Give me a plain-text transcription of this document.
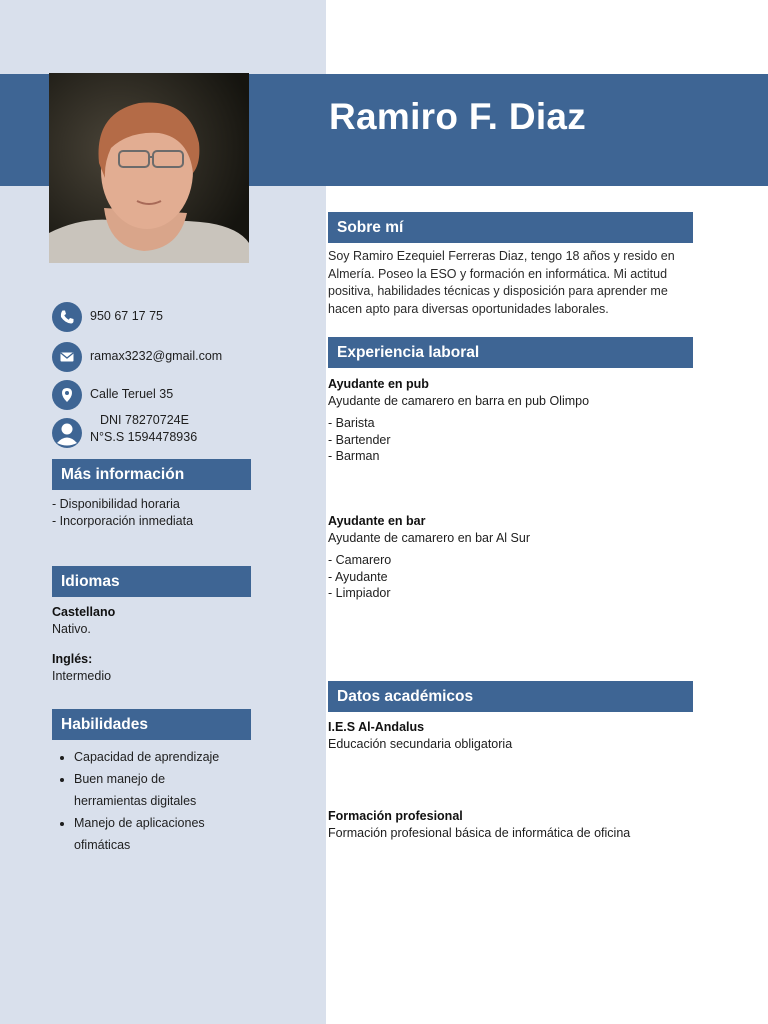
Ramiro F. Diaz
950 67 17 75
ramax3232@gmail.com
Calle Teruel 35
DNI 78270724E
N°S.S 1594478936
Más información
- Disponibilidad horaria
- Incorporación inmediata
Idiomas
Castellano
Nativo.
Inglés:
Intermedio
Habilidades
• Capacidad de aprendizaje
• Buen manejo de herramientas digitales
• Manejo de aplicaciones ofimáticas
Sobre mí
Soy Ramiro Ezequiel Ferreras Diaz, tengo 18 años y resido en Almería. Poseo la ESO y formación en informática. Mi actitud positiva, habilidades técnicas y disposición para aprender me hacen apto para diversas oportunidades laborales.
Experiencia laboral
Ayudante en pub
Ayudante de camarero en barra en pub Olimpo
- Barista
- Bartender
- Barman
Ayudante en bar
Ayudante de camarero en bar Al Sur
- Camarero
- Ayudante
- Limpiador
Datos académicos
I.E.S Al-Andalus
Educación secundaria obligatoria
Formación profesional
Formación profesional básica de informática de oficina
